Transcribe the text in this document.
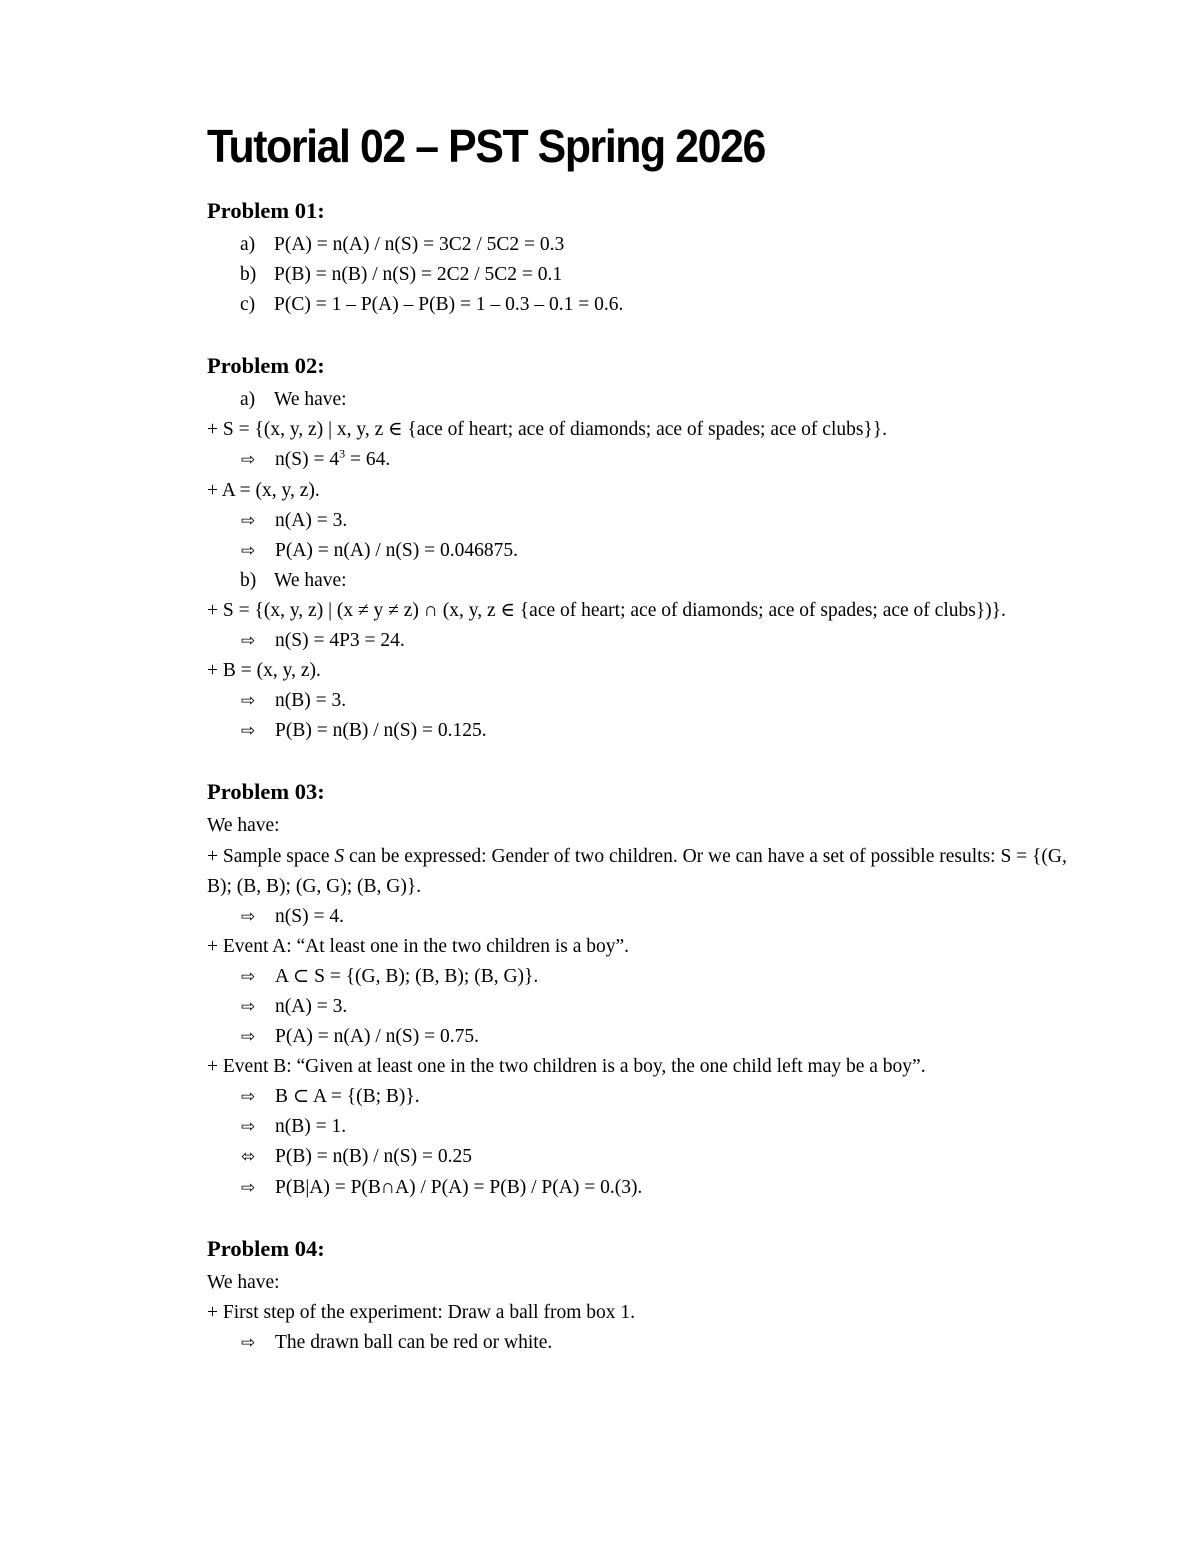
Tutorial 02 – PST Spring 2026
Problem 01:
a) P(A) = n(A) / n(S) = 3C2 / 5C2 = 0.3
b) P(B) = n(B) / n(S) = 2C2 / 5C2 = 0.1
c) P(C) = 1 – P(A) – P(B) = 1 – 0.3 – 0.1 = 0.6.
Problem 02:
a) We have:
+ S = {(x, y, z) | x, y, z ∈ {ace of heart; ace of diamonds; ace of spades; ace of clubs}}.
⇨ $n(S) = 4^3 = 64$.
+ A = (x, y, z).
⇨ n(A) = 3.
⇨ P(A) = n(A) / n(S) = 0.046875.
b) We have:
+ S = {(x, y, z) | (x ≠ y ≠ z) ∩ (x, y, z ∈ {ace of heart; ace of diamonds; ace of spades; ace of clubs})}.
⇨ n(S) = 4P3 = 24.
+ B = (x, y, z).
⇨ n(B) = 3.
⇨ P(B) = n(B) / n(S) = 0.125.
Problem 03:
We have:
+ Sample space S can be expressed: Gender of two children. Or we can have a set of possible results: S = {(G, B); (B, B); (G, G); (B, G)}.
⇨ n(S) = 4.
+ Event A: “At least one in the two children is a boy”.
⇨ A ⊂ S = {(G, B); (B, B); (B, G)}.
⇨ n(A) = 3.
⇨ P(A) = n(A) / n(S) = 0.75.
+ Event B: “Given at least one in the two children is a boy, the one child left may be a boy”.
⇨ B ⊂ A = {(B; B)}.
⇨ n(B) = 1.
⬄ P(B) = n(B) / n(S) = 0.25
⇨ P(B|A) = P(B∩A) / P(A) = P(B) / P(A) = 0.(3).
Problem 04:
We have:
+ First step of the experiment: Draw a ball from box 1.
⇨ The drawn ball can be red or white.
